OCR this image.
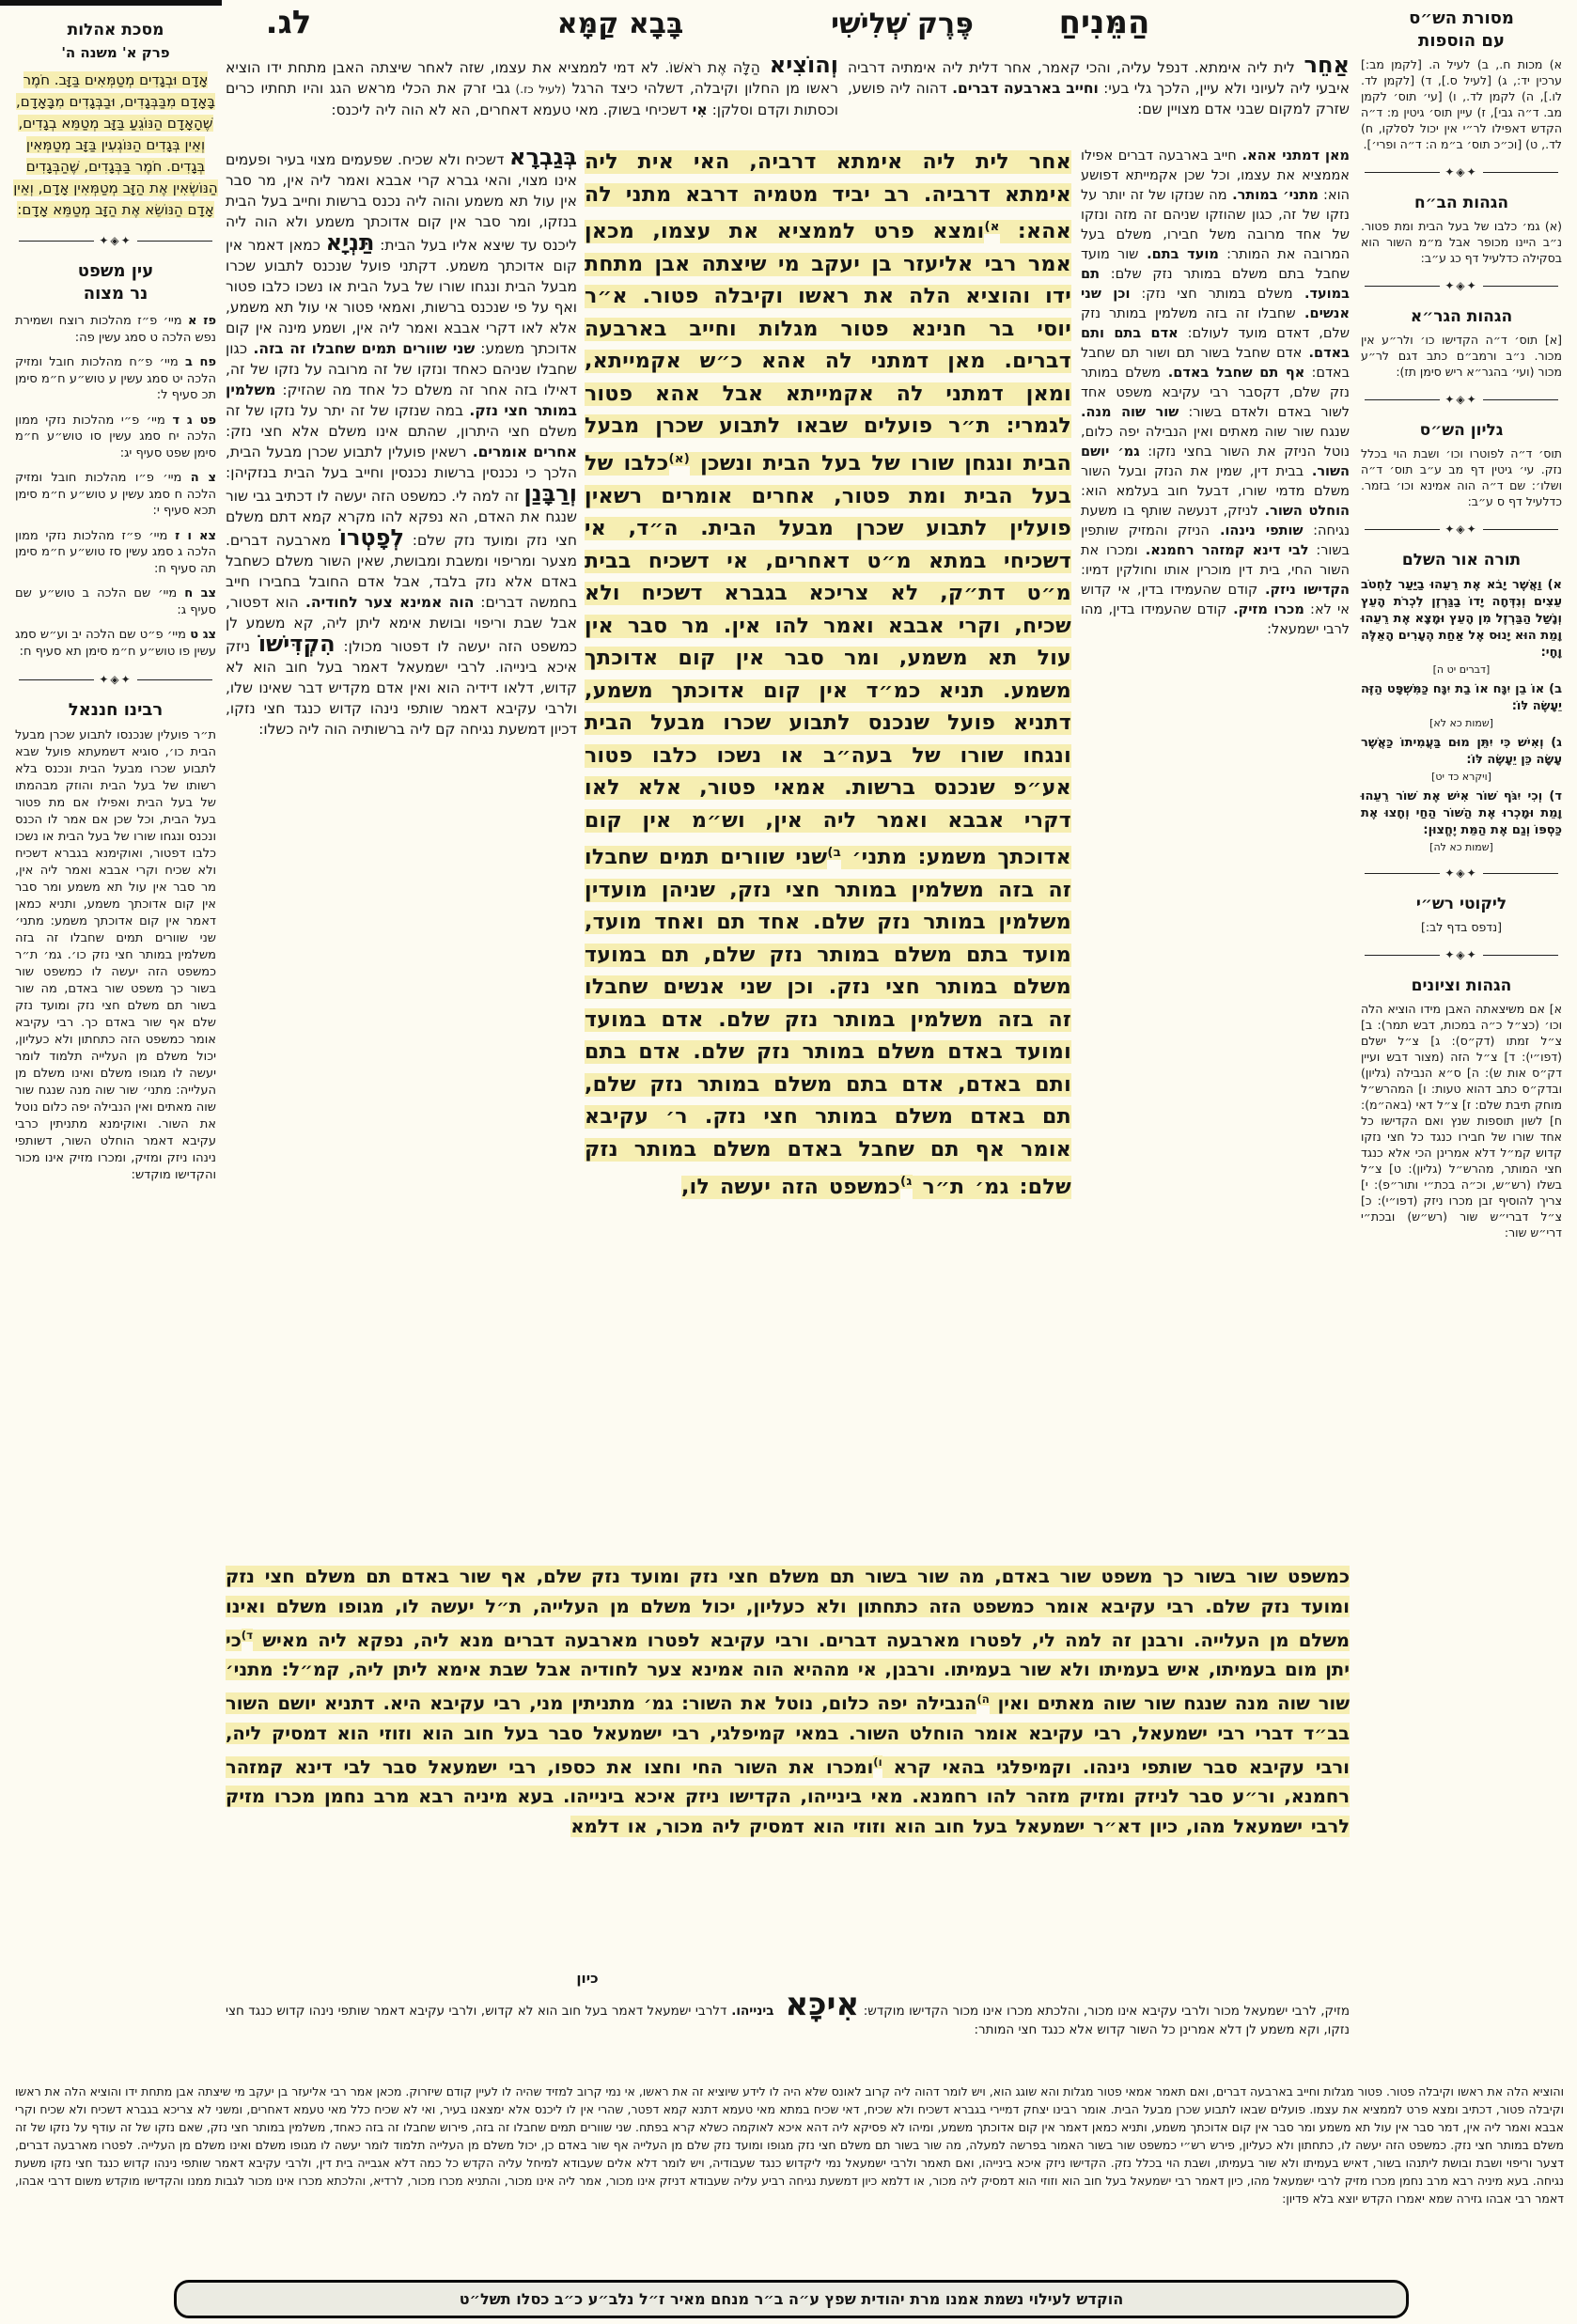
הַמֵּנִיחַ
פֶּרֶק שְׁלִישִׁי
בָּבָא קַמָּא
לג.
מסכת אהלות
פרק א' משנה ה'
אָדָם וּבְגָדִים מְטַמְּאִים בַּזָּב. חֹמֶר בָּאָדָם מִבַּבְּגָדִים, וּבַבְּגָדִים מִבָּאָדָם, שֶׁהָאָדָם הַנּוֹגֵעַ בַּזָּב מְטַמֵּא בְגָדִים, וְאֵין בְּגָדִים הַנּוֹגְעִין בַּזָּב מְטַמְּאִין בְּגָדִים. חֹמֶר בַּבְּגָדִים, שֶׁהַבְּגָדִים הַנּוֹשְׂאִין אֶת הַזָּב מְטַמְּאִין אָדָם, וְאֵין אָדָם הַנּוֹשֵׂא אֶת הַזָּב מְטַמֵּא אָדָם:
✦◈✦
עין משפט
נר מצוה

פז א מיי׳ פ״ז מהלכות רוצח ושמירת נפש הלכה ט סמג עשין פה:

פח ב מיי׳ פ״ח מהלכות חובל ומזיק הלכה יט סמג עשין ע טוש״ע ח״מ סימן תכ סעיף ל:

פט ג ד מיי׳ פ״י מהלכות נזקי ממון הלכה יח סמג עשין סו טוש״ע ח״מ סימן שפט סעיף יג:

צ ה מיי׳ פ״ו מהלכות חובל ומזיק הלכה ח סמג עשין ע טוש״ע ח״מ סימן תכא סעיף י:

צא ו ז מיי׳ פ״ז מהלכות נזקי ממון הלכה ג סמג עשין סז טוש״ע ח״מ סימן תה סעיף ח:

צב ח מיי׳ שם הלכה ב טוש״ע שם סעיף ג:

צג ט מיי׳ פ״ט שם הלכה יב וע״ש סמג עשין פו טוש״ע ח״מ סימן תא סעיף ח:

✦◈✦
רבינו חננאל
ת״ר פועלין שנכנסו לתבוע שכרן מבעל הבית כו׳, סוגיא דשמעתא פועל שבא לתבוע שכרו מבעל הבית ונכנס בלא רשותו של בעל הבית והוזק מבהמתו של בעל הבית ואפילו אם מת פטור בעל הבית, וכל שכן אם אמר לו הכנס ונכנס ונגחו שורו של בעל הבית או נשכו כלבו דפטור, ואוקימנא בגברא דשכיח ולא שכיח וקרי אבבא ואמר ליה אין, מר סבר אין עול תא משמע ומר סבר אין קום אדוכתך משמע, ותניא כמאן דאמר אין קום אדוכתך משמע: מתני׳ שני שוורים תמים שחבלו זה בזה משלמין במותר חצי נזק כו׳. גמ׳ ת״ר כמשפט הזה יעשה לו כמשפט שור בשור כך משפט שור באדם, מה שור בשור תם משלם חצי נזק ומועד נזק שלם אף שור באדם כך. רבי עקיבא אומר כמשפט הזה כתחתון ולא כעליון, יכול משלם מן העלייה תלמוד לומר יעשה לו מגופו משלם ואינו משלם מן העלייה: מתני׳ שור שוה מנה שנגח שור שוה מאתים ואין הנבילה יפה כלום נוטל את השור. ואוקימנא מתניתין כרבי עקיבא דאמר הוחלט השור, דשותפי נינהו ניזק ומזיק, ומכרו מזיק אינו מכור והקדישו מוקדש:
מסורת הש״ס
עם הוספות
א) מכות ח., ב) לעיל ה. [לקמן מב:] ערכין יד:, ג) [לעיל ס.], ד) [לקמן לד. לו.], ה) לקמן לד., ו) [עי׳ תוס׳ לקמן מב. ד״ה גבי], ז) עיין תוס׳ גיטין מ: ד״ה הקדש דאפילו לר״י אין יכול לסלקו, ח) לד., ט) [וכ״כ תוס׳ ב״מ ה: ד״ה ופרי׳].
✦◈✦
הגהות הב״ח
(א) גמ׳ כלבו של בעל הבית ומת פטור. נ״ב היינו מכופר אבל מ״מ השור הוא בסקילה כדלעיל דף כג ע״ב:
✦◈✦
הגהות הגר״א
[א] תוס׳ ד״ה הקדישו כו׳ ולר״ע אין מכור. נ״ב ורמב״ם כתב דגם לר״ע מכור (ועי׳ בהגר״א ריש סימן תז):
✦◈✦
גליון הש״ס
תוס׳ ד״ה לפוטרו וכו׳ ושבת הוי בכלל נזק. עי׳ גיטין דף מב ע״ב תוס׳ ד״ה ושלו׳: שם ד״ה הוה אמינא וכו׳ בזמר. כדלעיל דף ס ע״ב:
✦◈✦
תורה אור השלם

א) וַאֲשֶׁר יָבֹא אֶת רֵעֵהוּ בַיַּעַר לַחְטֹב עֵצִים וְנִדְּחָה יָדוֹ בַגַּרְזֶן לִכְרֹת הָעֵץ וְנָשַׁל הַבַּרְזֶל מִן הָעֵץ וּמָצָא אֶת רֵעֵהוּ וָמֵת הוּא יָנוּס אֶל אַחַת הֶעָרִים הָאֵלֶּה וָחָי:

[דברים יט ה]

ב) אוֹ בֵן יִגָּח אוֹ בַת יִגָּח כַּמִּשְׁפָּט הַזֶּה יֵעָשֶׂה לּוֹ:

[שמות כא לא]

ג) וְאִישׁ כִּי יִתֵּן מוּם בַּעֲמִיתוֹ כַּאֲשֶׁר עָשָׂה כֵּן יֵעָשֶׂה לּוֹ:

[ויקרא כד יט]

ד) וְכִי יִגֹּף שׁוֹר אִישׁ אֶת שׁוֹר רֵעֵהוּ וָמֵת וּמָכְרוּ אֶת הַשּׁוֹר הַחַי וְחָצוּ אֶת כַּסְפּוֹ וְגַם אֶת הַמֵּת יֶחֱצוּן:

[שמות כא לה]

✦◈✦
ליקוטי רש״י
[נדפס בדף לב:]
✦◈✦
הגהות וציונים
א] אם משיצאתה האבן מידו הוציא הלה וכו׳ (כצ״ל כ״ה במכות, דבש תמר): ב] צ״ל זמתו (דק״ס): ג] צ״ל ישלם (דפו״י): ד] צ״ל הזה (מצור דבש ועיין דק״ס אות ש): ה] ס״א הנבילה (גליון) ובדק״ס כתב דהוא טעות: ו] המהרש״ל מוחק תיבת שלם: ז] צ״ל דאי (באה״מ): ח] לשון תוספות שנץ ואם הקדישו כל אחד שורו של חבירו כנגד כל חצי נזקו קדוש קמ״ל דלא אמרינן הכי אלא כנגד חצי המותר, מהרש״ל (גליון): ט] צ״ל בשלו (רש״ש, וכ״ה בכת״י ותור״פ): י] צריך להוסיף זבן מכרו ניזק (דפו״י): כ] צ״ל דברי״ש שור (רש״ש) ובכת״י דרי״ש שור:
וְהוֹצִיא הַלָּה אֶת רֹאשׁוֹ. לא דמי לממציא את עצמו, שזה לאחר שיצתה האבן מתחת ידו הוציא ראשו מן החלון וקיבלה, דשלהי כיצד הרגל (לעיל כז.) גבי זרק את הכלי מראש הגג והיו תחתיו כרים וכסתות וקדם וסלקן: אִי דשכיחי בשוק. מאי טעמא דאחרים, הא לא הוה ליה ליכנס:
אַחֵר לית ליה אימתא. דנפל עליה, והכי קאמר, אחר דלית ליה אימתיה דרביה איבעי ליה לעיוני ולא עיין, הלכך גלי בעי: וחייב בארבעה דברים. דהוה ליה פושע, שזרק למקום שבני אדם מצויין שם:
בְּגַבְרָא דשכיח ולא שכיח. שפעמים מצוי בעיר ופעמים אינו מצוי, והאי גברא קרי אבבא ואמר ליה אין, מר סבר אין עול תא משמע והוה ליה נכנס ברשות וחייב בעל הבית בנזקו, ומר סבר אין קום אדוכתך משמע ולא הוה ליה ליכנס עד שיצא אליו בעל הבית: תַּנְיָא כמאן דאמר אין קום אדוכתך משמע. דקתני פועל שנכנס לתבוע שכרו מבעל הבית ונגחו שורו של בעל הבית או נשכו כלבו פטור ואף על פי שנכנס ברשות, ואמאי פטור אי עול תא משמע, אלא לאו דקרי אבבא ואמר ליה אין, ושמע מינה אין קום אדוכתך משמע: שני שוורים תמים שחבלו זה בזה. כגון שחבלו שניהם כאחד ונזקו של זה מרובה על נזקו של זה, דאילו בזה אחר זה משלם כל אחד מה שהזיק: משלמין במותר חצי נזק. במה שנזקו של זה יתר על נזקו של זה משלם חצי היתרון, שהתם אינו משלם אלא חצי נזק: אחרים אומרים. רשאין פועלין לתבוע שכרן מבעל הבית, הלכך כי נכנסין ברשות נכנסין וחייב בעל הבית בנזקיהן: וְרַבָּנַן זה למה לי. כמשפט הזה יעשה לו דכתיב גבי שור שנגח את האדם, הא נפקא להו מקרא קמא דתם משלם חצי נזק ומועד נזק שלם: לְפָטְרוֹ מארבעה דברים. מצער ומריפוי ומשבת ומבושת, שאין השור משלם כשחבל באדם אלא נזק בלבד, אבל אדם החובל בחבירו חייב בחמשה דברים: הוה אמינא צער לחודיה. הוא דפטור, אבל שבת וריפוי ובושת אימא ליתן ליה, קא משמע לן כמשפט הזה יעשה לו דפטור מכולן: הִקְדִּישׁוֹ ניזק איכא בינייהו. לרבי ישמעאל דאמר בעל חוב הוא לא קדוש, דלאו דידיה הוא ואין אדם מקדיש דבר שאינו שלו, ולרבי עקיבא דאמר שותפי נינהו קדוש כנגד חצי נזקו, דכיון דמשעת נגיחה קם ליה ברשותיה הוה ליה כשלו:
אחר לית ליה אימתא דרביה, האי אית ליה אימתא דרביה. רב יביד מטמיה דרבא מתני לה אהא: $^{א)}$ומצא פרט לממציא את עצמו, מכאן אמר רבי אליעזר בן יעקב מי שיצתה אבן מתחת ידו והוציא הלה את ראשו וקיבלה פטור. א״ר יוסי בר חנינא פטור מגלות וחייב בארבעה דברים. מאן דמתני לה אהא כ״ש אקמייתא, ומאן דמתני לה אקמייתא אבל אהא פטור לגמרי: ת״ר פועלים שבאו לתבוע שכרן מבעל הבית ונגחן שורו של בעל הבית ונשכן $^{(א)}$כלבו של בעל הבית ומת פטור, אחרים אומרים רשאין פועלין לתבוע שכרן מבעל הבית. ה״ד, אי דשכיחי במתא מ״ט דאחרים, אי דשכיח בבית מ״ט דת״ק, לא צריכא בגברא דשכיח ולא שכיח, וקרי אבבא ואמר להו אין. מר סבר אין עול תא משמע, ומר סבר אין קום אדוכתך משמע. תניא כמ״ד אין קום אדוכתך משמע, דתניא פועל שנכנס לתבוע שכרו מבעל הבית ונגחו שורו של בעה״ב או נשכו כלבו פטור אע״פ שנכנס ברשות. אמאי פטור, אלא לאו דקרי אבבא ואמר ליה אין, וש״מ אין קום אדוכתך משמע: מתני׳ $^{ב)}$שני שוורים תמים שחבלו זה בזה משלמין במותר חצי נזק, שניהן מועדין משלמין במותר נזק שלם. אחד תם ואחד מועד, מועד בתם משלם במותר נזק שלם, תם במועד משלם במותר חצי נזק. וכן שני אנשים שחבלו זה בזה משלמין במותר נזק שלם. אדם במועד ומועד באדם משלם במותר נזק שלם. אדם בתם ותם באדם, אדם בתם משלם במותר נזק שלם, תם באדם משלם במותר חצי נזק. ר׳ עקיבא אומר אף תם שחבל באדם משלם במותר נזק שלם: גמ׳ ת״ר $^{ג)}$כמשפט הזה יעשה לו,
מאן דמתני אהא. חייב בארבעה דברים אפילו אממציא את עצמו, וכל שכן אקמייתא דפושע הוא: מתני׳ במותר. מה שנזקו של זה יותר על נזקו של זה, כגון שהוזקו שניהם זה מזה ונזקו של אחד מרובה משל חבירו, משלם בעל המרובה את המותר: מועד בתם. שור מועד שחבל בתם משלם במותר נזק שלם: תם במועד. משלם במותר חצי נזק: וכן שני אנשים. שחבלו זה בזה משלמין במותר נזק שלם, דאדם מועד לעולם: אדם בתם ותם באדם. אדם שחבל בשור תם ושור תם שחבל באדם: אף תם שחבל באדם. משלם במותר נזק שלם, דקסבר רבי עקיבא משפט אחד לשור באדם ולאדם בשור: שור שוה מנה. שנגח שור שוה מאתים ואין הנבילה יפה כלום, נוטל הניזק את השור בחצי נזקו: גמ׳ יושם השור. בבית דין, שמין את הנזק ובעל השור משלם מדמי שורו, דבעל חוב בעלמא הוא: הוחלט השור. לניזק, דנעשה שותף בו משעת נגיחה: שותפי נינהו. הניזק והמזיק שותפין בשור: לבי דינא קמזהר רחמנא. ומכרו את השור החי, בית דין מוכרין אותו וחולקין דמיו: הקדישו ניזק. קודם שהעמידו בדין, אי קדוש אי לא: מכרו מזיק. קודם שהעמידו בדין, מהו לרבי ישמעאל:
כמשפט שור בשור כך משפט שור באדם, מה שור בשור תם משלם חצי נזק ומועד נזק שלם, אף שור באדם תם משלם חצי נזק ומועד נזק שלם. רבי עקיבא אומר כמשפט הזה כתחתון ולא כעליון, יכול משלם מן העלייה, ת״ל יעשה לו, מגופו משלם ואינו משלם מן העלייה. ורבנן זה למה לי, לפטרו מארבעה דברים. ורבי עקיבא לפטרו מארבעה דברים מנא ליה, נפקא ליה מאיש $^{ד)}$כי יתן מום בעמיתו, איש בעמיתו ולא שור בעמיתו. ורבנן, אי מההיא הוה אמינא צער לחודיה אבל שבת אימא ליתן ליה, קמ״ל: מתני׳ שור שוה מנה שנגח שור שוה מאתים ואין $^{ה)}$הנבילה יפה כלום, נוטל את השור: גמ׳ מתניתין מני, רבי עקיבא היא. דתניא יושם השור בב״ד דברי רבי ישמעאל, רבי עקיבא אומר הוחלט השור. במאי קמיפלגי, רבי ישמעאל סבר בעל חוב הוא וזוזי הוא דמסיק ליה, ורבי עקיבא סבר שותפי נינהו. וקמיפלגי בהאי קרא $^{ו)}$ומכרו את השור החי וחצו את כספו, רבי ישמעאל סבר לבי דינא קמזהר רחמנא, ור״ע סבר לניזק ומזיק מזהר להו רחמנא. מאי בינייהו, הקדישו ניזק איכא בינייהו. בעא מיניה רבא מרב נחמן מכרו מזיק לרבי ישמעאל מהו, כיון דא״ר ישמעאל בעל חוב הוא וזוזי הוא דמסיק ליה מכור, או דלמא
כיון
מזיק, לרבי ישמעאל מכור ולרבי עקיבא אינו מכור, והלכתא מכרו אינו מכור הקדישו מוקדש: אִיכָּא בינייהו. דלרבי ישמעאל דאמר בעל חוב הוא לא קדוש, ולרבי עקיבא דאמר שותפי נינהו קדוש כנגד חצי נזקו, וקא משמע לן דלא אמרינן כל השור קדוש אלא כנגד חצי המותר:
והוציא הלה את ראשו וקיבלה פטור. פטור מגלות וחייב בארבעה דברים, ואם תאמר אמאי פטור מגלות והא שוגג הוא, ויש לומר דהוה ליה קרוב לאונס שלא היה לו לידע שיוציא זה את ראשו, אי נמי קרוב למזיד שהיה לו לעיין קודם שיזרוק. מכאן אמר רבי אליעזר בן יעקב מי שיצתה אבן מתחת ידו והוציא הלה את ראשו וקיבלה פטור, דכתיב ומצא פרט לממציא את עצמו. פועלים שבאו לתבוע שכרן מבעל הבית. אומר רבינו יצחק דמיירי בגברא דשכיח ולא שכיח, דאי שכיח במתא מאי טעמא דתנא קמא דפטר, שהרי אין לו ליכנס אלא ימצאנו בעיר, ואי לא שכיח כלל מאי טעמא דאחרים, ומשני לא צריכא בגברא דשכיח ולא שכיח וקרי אבבא ואמר ליה אין, דמר סבר אין עול תא משמע ומר סבר אין קום אדוכתך משמע, ותניא כמאן דאמר אין קום אדוכתך משמע, ומיהו לא פסיקא ליה דהא איכא לאוקמה כשלא קרא בפתח. שני שוורים תמים שחבלו זה בזה, פירוש שחבלו זה בזה כאחד, משלמין במותר חצי נזק, שאם נזקו של זה עודף על נזקו של זה משלם במותר חצי נזק. כמשפט הזה יעשה לו, כתחתון ולא כעליון, פירש רש״י כמשפט שור בשור האמור בפרשה למעלה, מה שור בשור תם משלם חצי נזק מגופו ומועד נזק שלם מן העלייה אף שור באדם כן, יכול משלם מן העלייה תלמוד לומר יעשה לו מגופו משלם ואינו משלם מן העלייה. לפטרו מארבעה דברים, דצער וריפוי ושבת ובושת ליתנהו בשור, דאיש בעמיתו ולא שור בעמיתו, ושבת הוי בכלל נזק. הקדישו ניזק איכא בינייהו, ואם תאמר ולרבי ישמעאל נמי ליקדוש כנגד שעבודיה, ויש לומר דלא אלים שעבודא למיחל עליה הקדש כל כמה דלא אגבייה בית דין, ולרבי עקיבא דאמר שותפי נינהו קדוש כנגד חצי נזקו משעת נגיחה. בעא מיניה רבא מרב נחמן מכרו מזיק לרבי ישמעאל מהו, כיון דאמר רבי ישמעאל בעל חוב הוא וזוזי הוא דמסיק ליה מכור, או דלמא כיון דמשעת נגיחה רביע עליה שעבודא דניזק אינו מכור, אמר ליה אינו מכור, והתניא מכרו מכור, לרדיא, והלכתא מכרו אינו מכור לגבות ממנו והקדישו מוקדש משום דרבי אבהו, דאמר רבי אבהו גזירה שמא יאמרו הקדש יוצא בלא פדיון:
הוקדש לעילוי נשמת אמנו מרת יהודית שפץ ע״ה ב״ר מנחם מאיר ז״ל נלב״ע כ״ב כסלו תשל״ט
